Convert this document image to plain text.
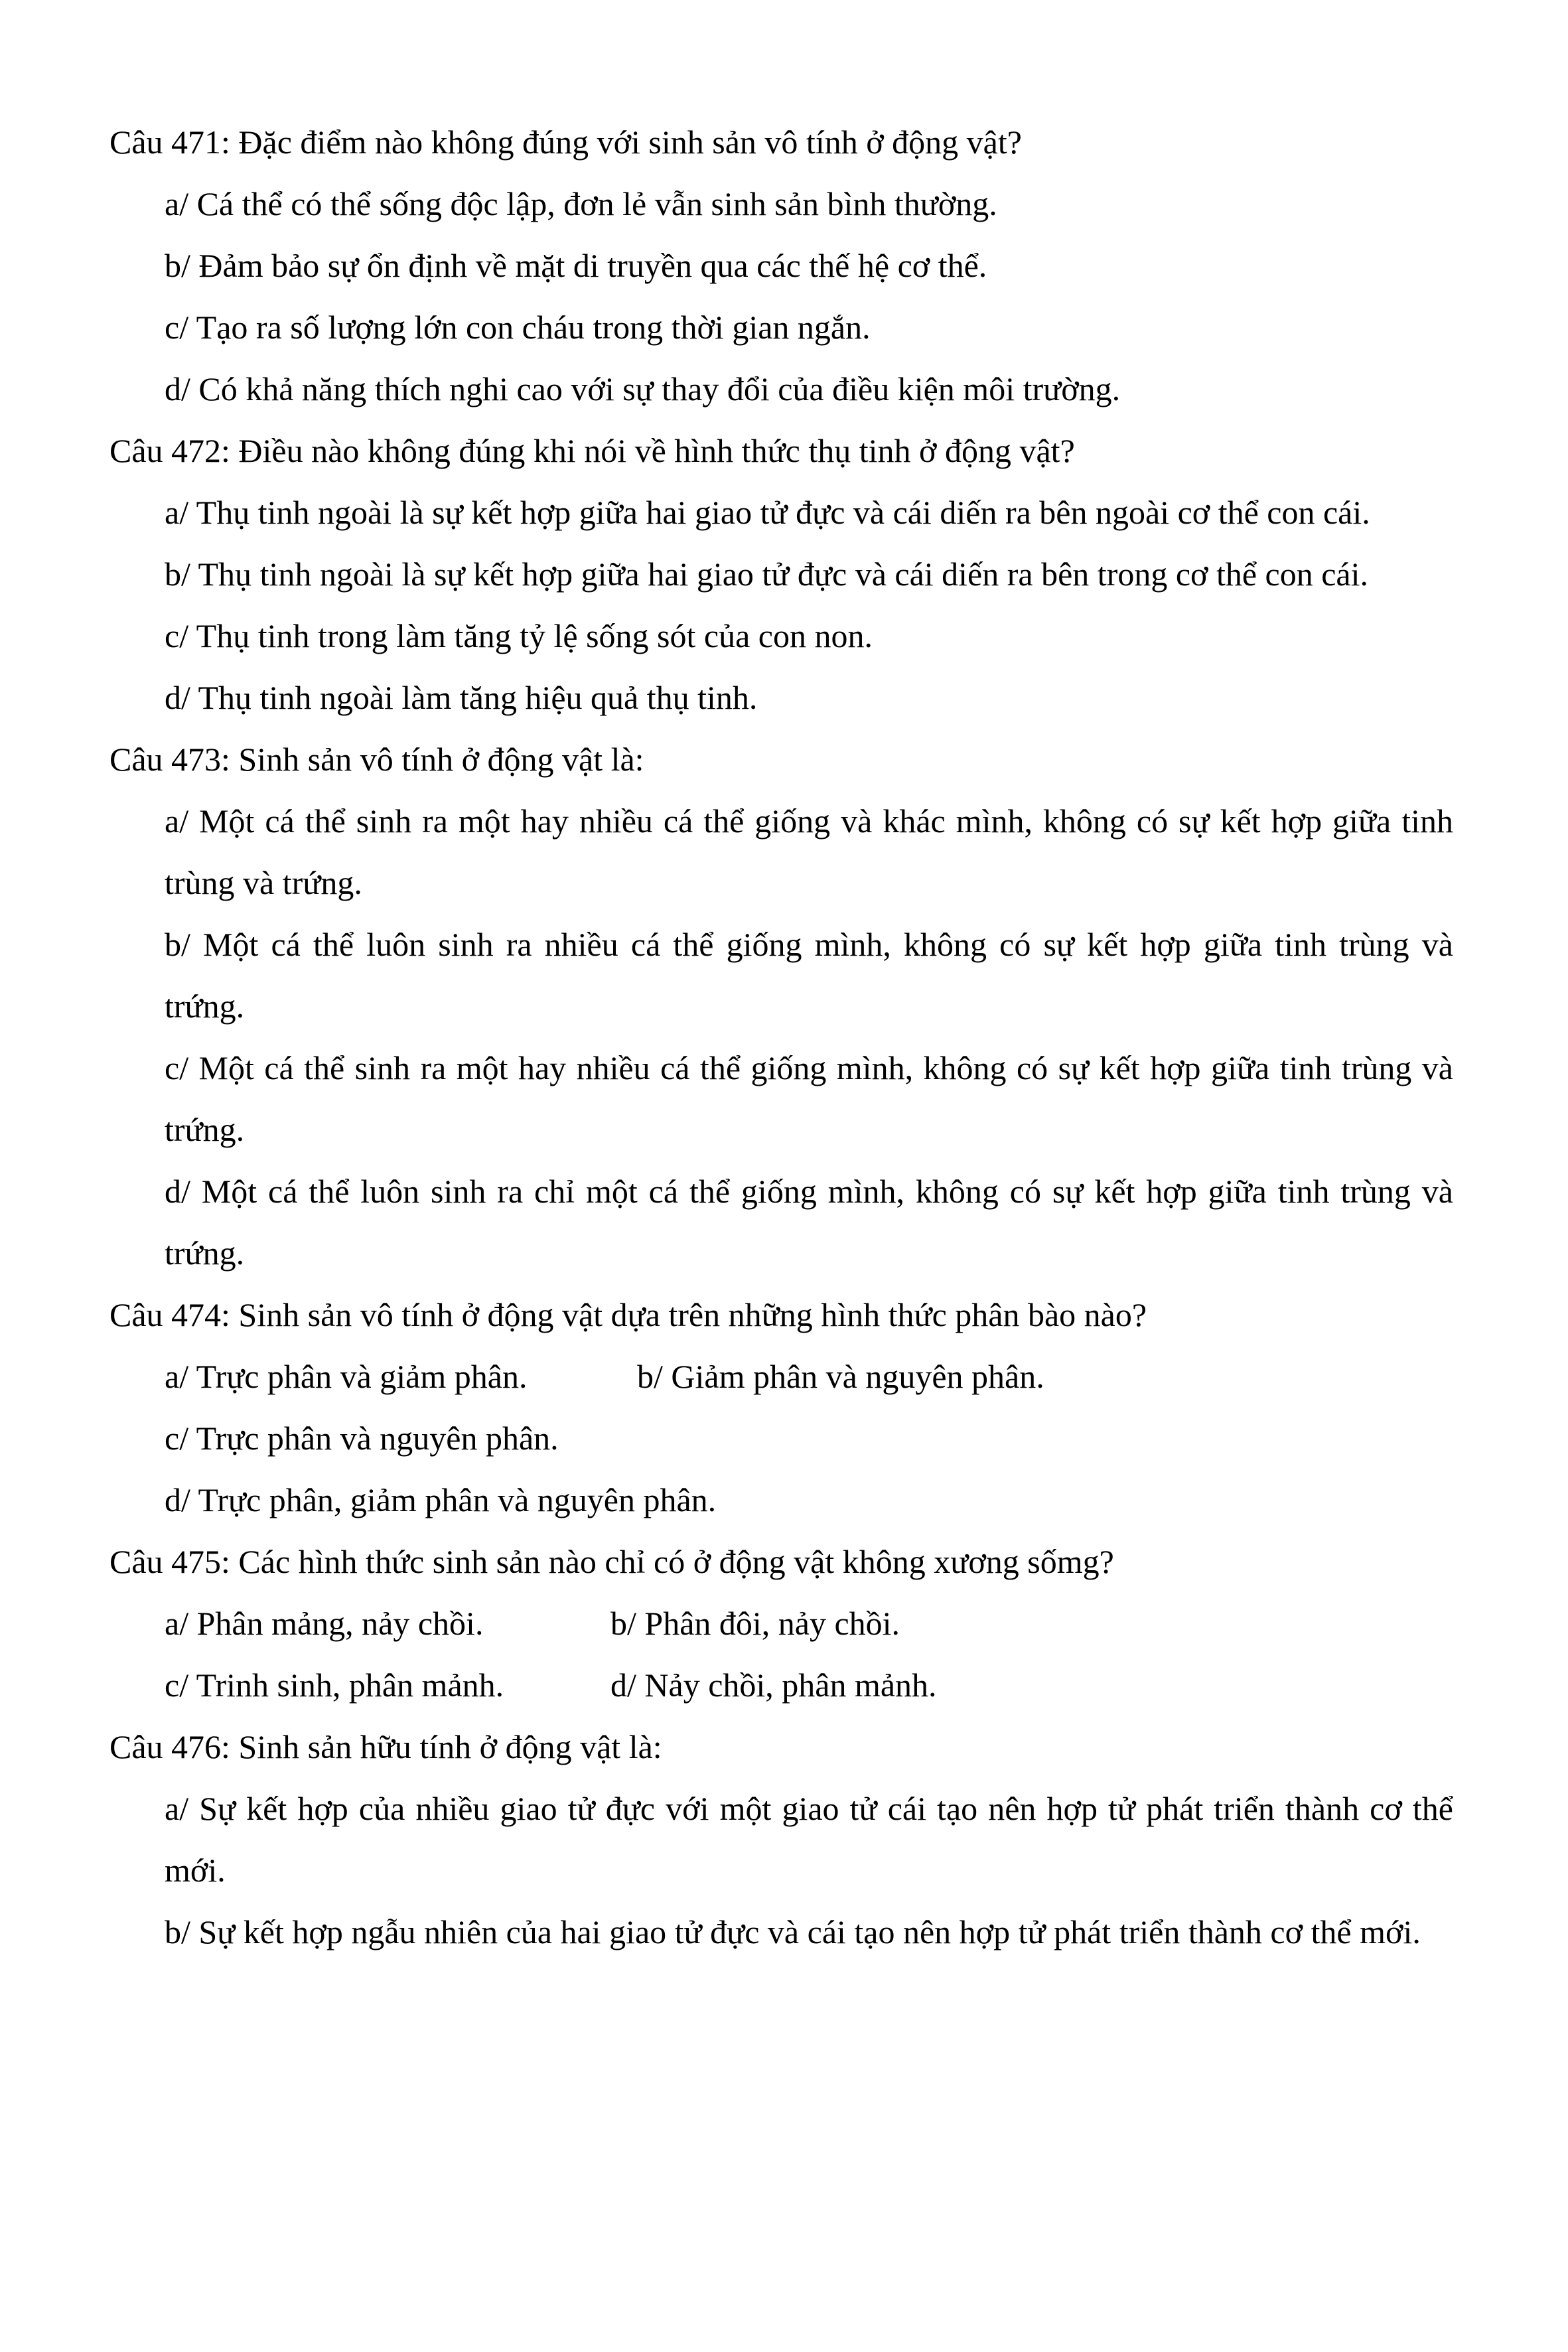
Câu 471: Đặc điểm nào không đúng với sinh sản vô tính ở động vật?
a/ Cá thể có thể sống độc lập, đơn lẻ vẫn sinh sản bình thường.
b/ Đảm bảo sự ổn định về mặt di truyền qua các thế hệ cơ thể.
c/ Tạo ra số lượng lớn con cháu trong thời gian ngắn.
d/ Có khả năng thích nghi cao với sự thay đổi của điều kiện môi trường.
Câu 472: Điều nào không đúng khi nói về hình thức thụ tinh ở động vật?
a/ Thụ tinh ngoài là sự kết hợp giữa hai giao tử đực và cái diến ra bên ngoài cơ thể con cái.
b/ Thụ tinh ngoài là sự kết hợp giữa hai giao tử đực và cái diến ra bên trong cơ thể con cái.
c/ Thụ tinh trong làm tăng tỷ lệ sống sót của con non.
d/ Thụ tinh ngoài làm tăng hiệu quả thụ tinh.
Câu 473: Sinh sản vô tính ở động vật là:
a/ Một cá thể sinh ra một hay nhiều cá thể giống và khác mình, không có sự kết hợp giữa tinh trùng và trứng.
b/ Một cá thể luôn sinh ra nhiều cá thể giống mình, không có sự kết hợp giữa tinh trùng và trứng.
c/ Một cá thể sinh ra một hay nhiều cá thể giống mình, không có sự kết hợp giữa tinh trùng và trứng.
d/ Một cá thể luôn sinh ra chỉ một cá thể giống mình, không có sự kết hợp giữa tinh trùng và trứng.
Câu 474: Sinh sản vô tính ở động vật dựa trên những hình thức phân bào nào?
a/ Trực phân và giảm phân.	b/ Giảm phân và nguyên phân.
c/ Trực phân và nguyên phân.
d/ Trực phân, giảm phân và nguyên phân.
Câu 475: Các hình thức sinh sản nào chỉ có ở động vật không xương sốmg?
a/ Phân mảng, nảy chồi.	b/ Phân đôi, nảy chồi.
c/ Trinh sinh, phân mảnh.	d/ Nảy chồi, phân mảnh.
Câu 476: Sinh sản hữu tính ở động vật là:
a/ Sự kết hợp của nhiều giao tử đực với một giao tử cái tạo nên hợp tử phát triển thành cơ thể mới.
b/ Sự kết hợp ngẫu nhiên của hai giao tử đực và cái tạo nên hợp tử phát triển thành cơ thể mới.
